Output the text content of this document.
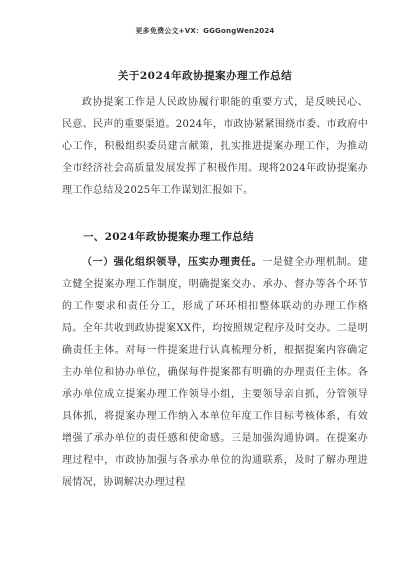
更多免费公文+VX：GGGongWen2024
关于2024年政协提案办理工作总结

政协提案工作是人民政协履行职能的重要方式，是反映民心、民意、民声的重要渠道。2024年，市政协紧紧围绕市委、市政府中心工作，积极组织委员建言献策，扎实推进提案办理工作，为推动全市经济社会高质量发展发挥了积极作用。现将2024年政协提案办理工作总结及2025年工作谋划汇报如下。

一、2024年政协提案办理工作总结

（一）强化组织领导，压实办理责任。一是健全办理机制。建立健全提案办理工作制度，明确提案交办、承办、督办等各个环节的工作要求和责任分工，形成了环环相扣整体联动的办理工作格局。全年共收到政协提案XX件，均按照规定程序及时交办。二是明确责任主体。对每一件提案进行认真梳理分析，根据提案内容确定主办单位和协办单位，确保每件提案都有明确的办理责任主体。各承办单位成立提案办理工作领导小组，主要领导亲自抓，分管领导具体抓，将提案办理工作纳入本单位年度工作目标考核体系，有效增强了承办单位的责任感和使命感。三是加强沟通协调。在提案办理过程中，市政协加强与各承办单位的沟通联系，及时了解办理进展情况，协调解决办理过程
